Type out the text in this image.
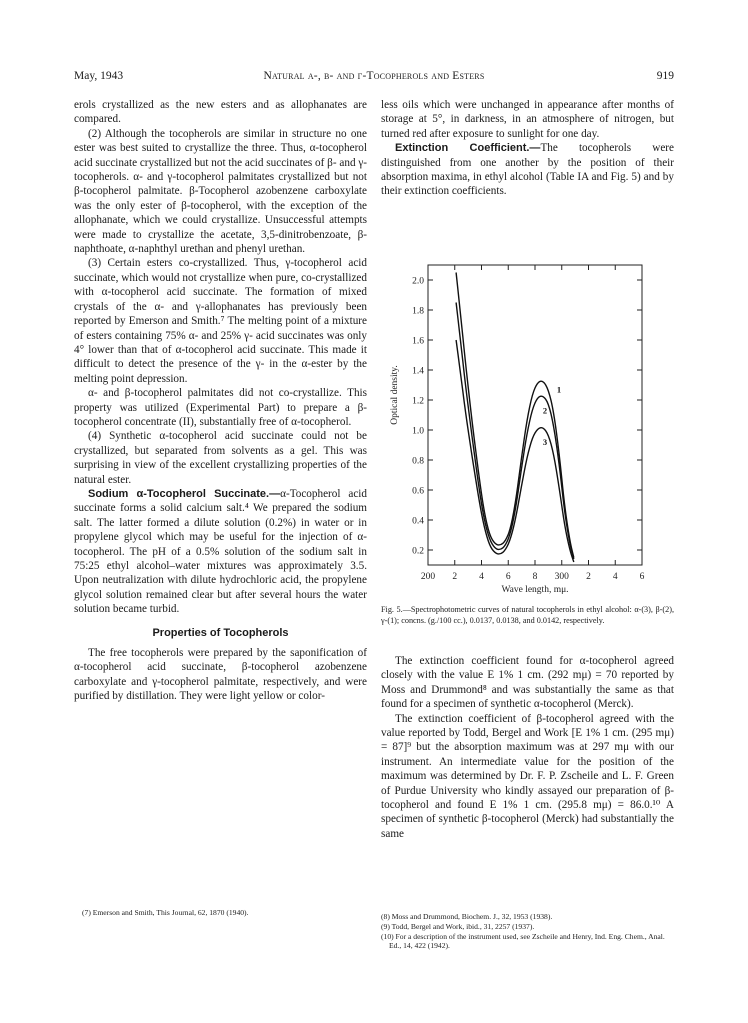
May, 1943	Natural α-, β- and γ-Tocopherols and Esters	919

erols crystallized as the new esters and as allophanates are compared.

(2) Although the tocopherols are similar in structure no one ester was best suited to crystallize the three. Thus, α-tocopherol acid succinate crystallized but not the acid succinates of β- and γ-tocopherols. α- and γ-tocopherol palmitates crystallized but not β-tocopherol palmitate. β-Tocopherol azobenzene carboxylate was the only ester of β-tocopherol, with the exception of the allophanate, which we could crystallize. Unsuccessful attempts were made to crystallize the acetate, 3,5-dinitrobenzoate, β-naphthoate, α-naphthyl urethan and phenyl urethan.

(3) Certain esters co-crystallized. Thus, γ-tocopherol acid succinate, which would not crystallize when pure, co-crystallized with α-tocopherol acid succinate. The formation of mixed crystals of the α- and γ-allophanates has previously been reported by Emerson and Smith.⁷ The melting point of a mixture of esters containing 75% α- and 25% γ- acid succinates was only 4° lower than that of α-tocopherol acid succinate. This made it difficult to detect the presence of the γ- in the α-ester by the melting point depression.

α- and β-tocopherol palmitates did not co-crystallize. This property was utilized (Experimental Part) to prepare a β-tocopherol concentrate (II), substantially free of α-tocopherol.

(4) Synthetic α-tocopherol acid succinate could not be crystallized, but separated from solvents as a gel. This was surprising in view of the excellent crystallizing properties of the natural ester.

Sodium α-Tocopherol Succinate.—α-Tocopherol acid succinate forms a solid calcium salt.⁴ We prepared the sodium salt. The latter formed a dilute solution (0.2%) in water or in propylene glycol which may be useful for the injection of α-tocopherol. The pH of a 0.5% solution of the sodium salt in 75:25 ethyl alcohol–water mixtures was approximately 3.5. Upon neutralization with dilute hydrochloric acid, the propylene glycol solution remained clear but after several hours the water solution became turbid.

Properties of Tocopherols

The free tocopherols were prepared by the saponification of α-tocopherol acid succinate, β-tocopherol azobenzene carboxylate and γ-tocopherol palmitate, respectively, and were purified by distillation. They were light yellow or color-

(7) Emerson and Smith, This Journal, 62, 1870 (1940).

less oils which were unchanged in appearance after months of storage at 5°, in darkness, in an atmosphere of nitrogen, but turned red after exposure to sunlight for one day.

Extinction Coefficient.—The tocopherols were distinguished from one another by the position of their absorption maxima, in ethyl alcohol (Table IA and Fig. 5) and by their extinction coefficients.

0.2
0.4
0.6
0.8
1.0
1.2
1.4
1.6
1.8
2.0
200 2 4 6 8 300 2 4 6
Wave length, mμ.
Optical density.	1
2
3
Fig. 5.—Spectrophotometric curves of natural tocopherols in ethyl alcohol: α-(3), β-(2), γ-(1); concns. (g./100 cc.), 0.0137, 0.0138, and 0.0142, respectively.

The extinction coefficient found for α-tocopherol agreed closely with the value E 1% 1 cm. (292 mμ) = 70 reported by Moss and Drummond⁸ and was substantially the same as that found for a specimen of synthetic α-tocopherol (Merck).

The extinction coefficient of β-tocopherol agreed with the value reported by Todd, Bergel and Work [E 1% 1 cm. (295 mμ) = 87]⁹ but the absorption maximum was at 297 mμ with our instrument. An intermediate value for the position of the maximum was determined by Dr. F. P. Zscheile and L. F. Green of Purdue University who kindly assayed our preparation of β-tocopherol and found E 1% 1 cm. (295.8 mμ) = 86.0.¹⁰ A specimen of synthetic β-tocopherol (Merck) had substantially the same

(8) Moss and Drummond, Biochem. J., 32, 1953 (1938).
(9) Todd, Bergel and Work, ibid., 31, 2257 (1937).
(10) For a description of the instrument used, see Zscheile and Henry, Ind. Eng. Chem., Anal. Ed., 14, 422 (1942).
